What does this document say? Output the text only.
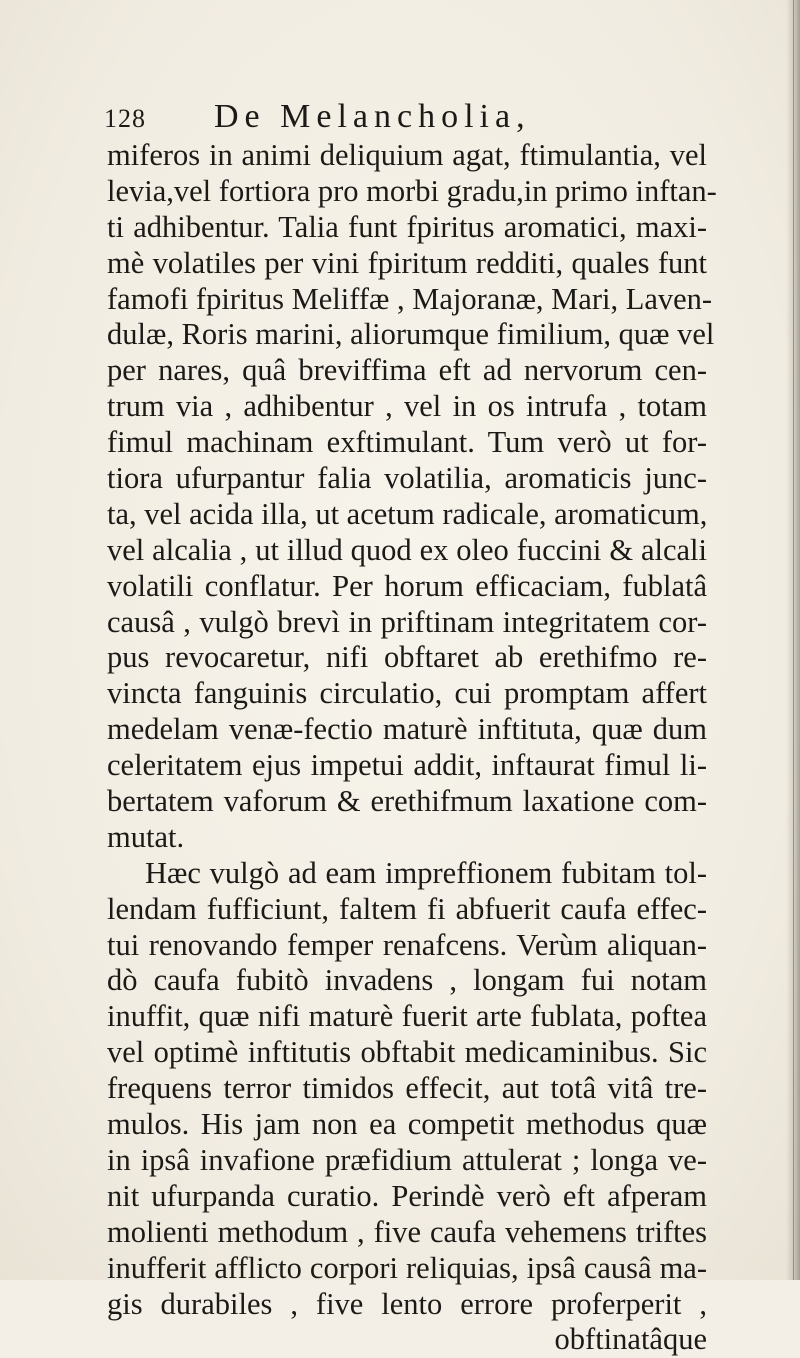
128 De Melancholia,
miferos in animi deliquium agat, ftimulantia, vel
levia,vel fortiora pro morbi gradu,in primo inftan-
ti adhibentur. Talia funt fpiritus aromatici, maxi-
mè volatiles per vini fpiritum redditi, quales funt
famofi fpiritus Meliffæ , Majoranæ, Mari, Laven-
dulæ, Roris marini, aliorumque fimilium, quæ vel
per nares, quâ breviffima eft ad nervorum cen-
trum via , adhibentur , vel in os intrufa , totam
fimul machinam exftimulant. Tum verò ut for-
tiora ufurpantur falia volatilia, aromaticis junc-
ta, vel acida illa, ut acetum radicale, aromaticum,
vel alcalia , ut illud quod ex oleo fuccini & alcali
volatili conflatur. Per horum efficaciam, fublatâ
causâ , vulgò brevì in priftinam integritatem cor-
pus revocaretur, nifi obftaret ab erethifmo re-
vincta fanguinis circulatio, cui promptam affert
medelam venæ-fectio maturè inftituta, quæ dum
celeritatem ejus impetui addit, inftaurat fimul li-
bertatem vaforum & erethifmum laxatione com-
mutat.
Hæc vulgò ad eam impreffionem fubitam tol-
lendam fufficiunt, faltem fi abfuerit caufa effec-
tui renovando femper renafcens. Verùm aliquan-
dò caufa fubitò invadens , longam fui notam
inuffit, quæ nifi maturè fuerit arte fublata, poftea
vel optimè inftitutis obftabit medicaminibus. Sic
frequens terror timidos effecit, aut totâ vitâ tre-
mulos. His jam non ea competit methodus quæ
in ipsâ invafione præfidium attulerat ; longa ve-
nit ufurpanda curatio. Perindè verò eft afperam
molienti methodum , five caufa vehemens triftes
inufferit afflicto corpori reliquias, ipsâ causâ ma-
gis durabiles , five lento errore proferperit ,
obftinatâque
